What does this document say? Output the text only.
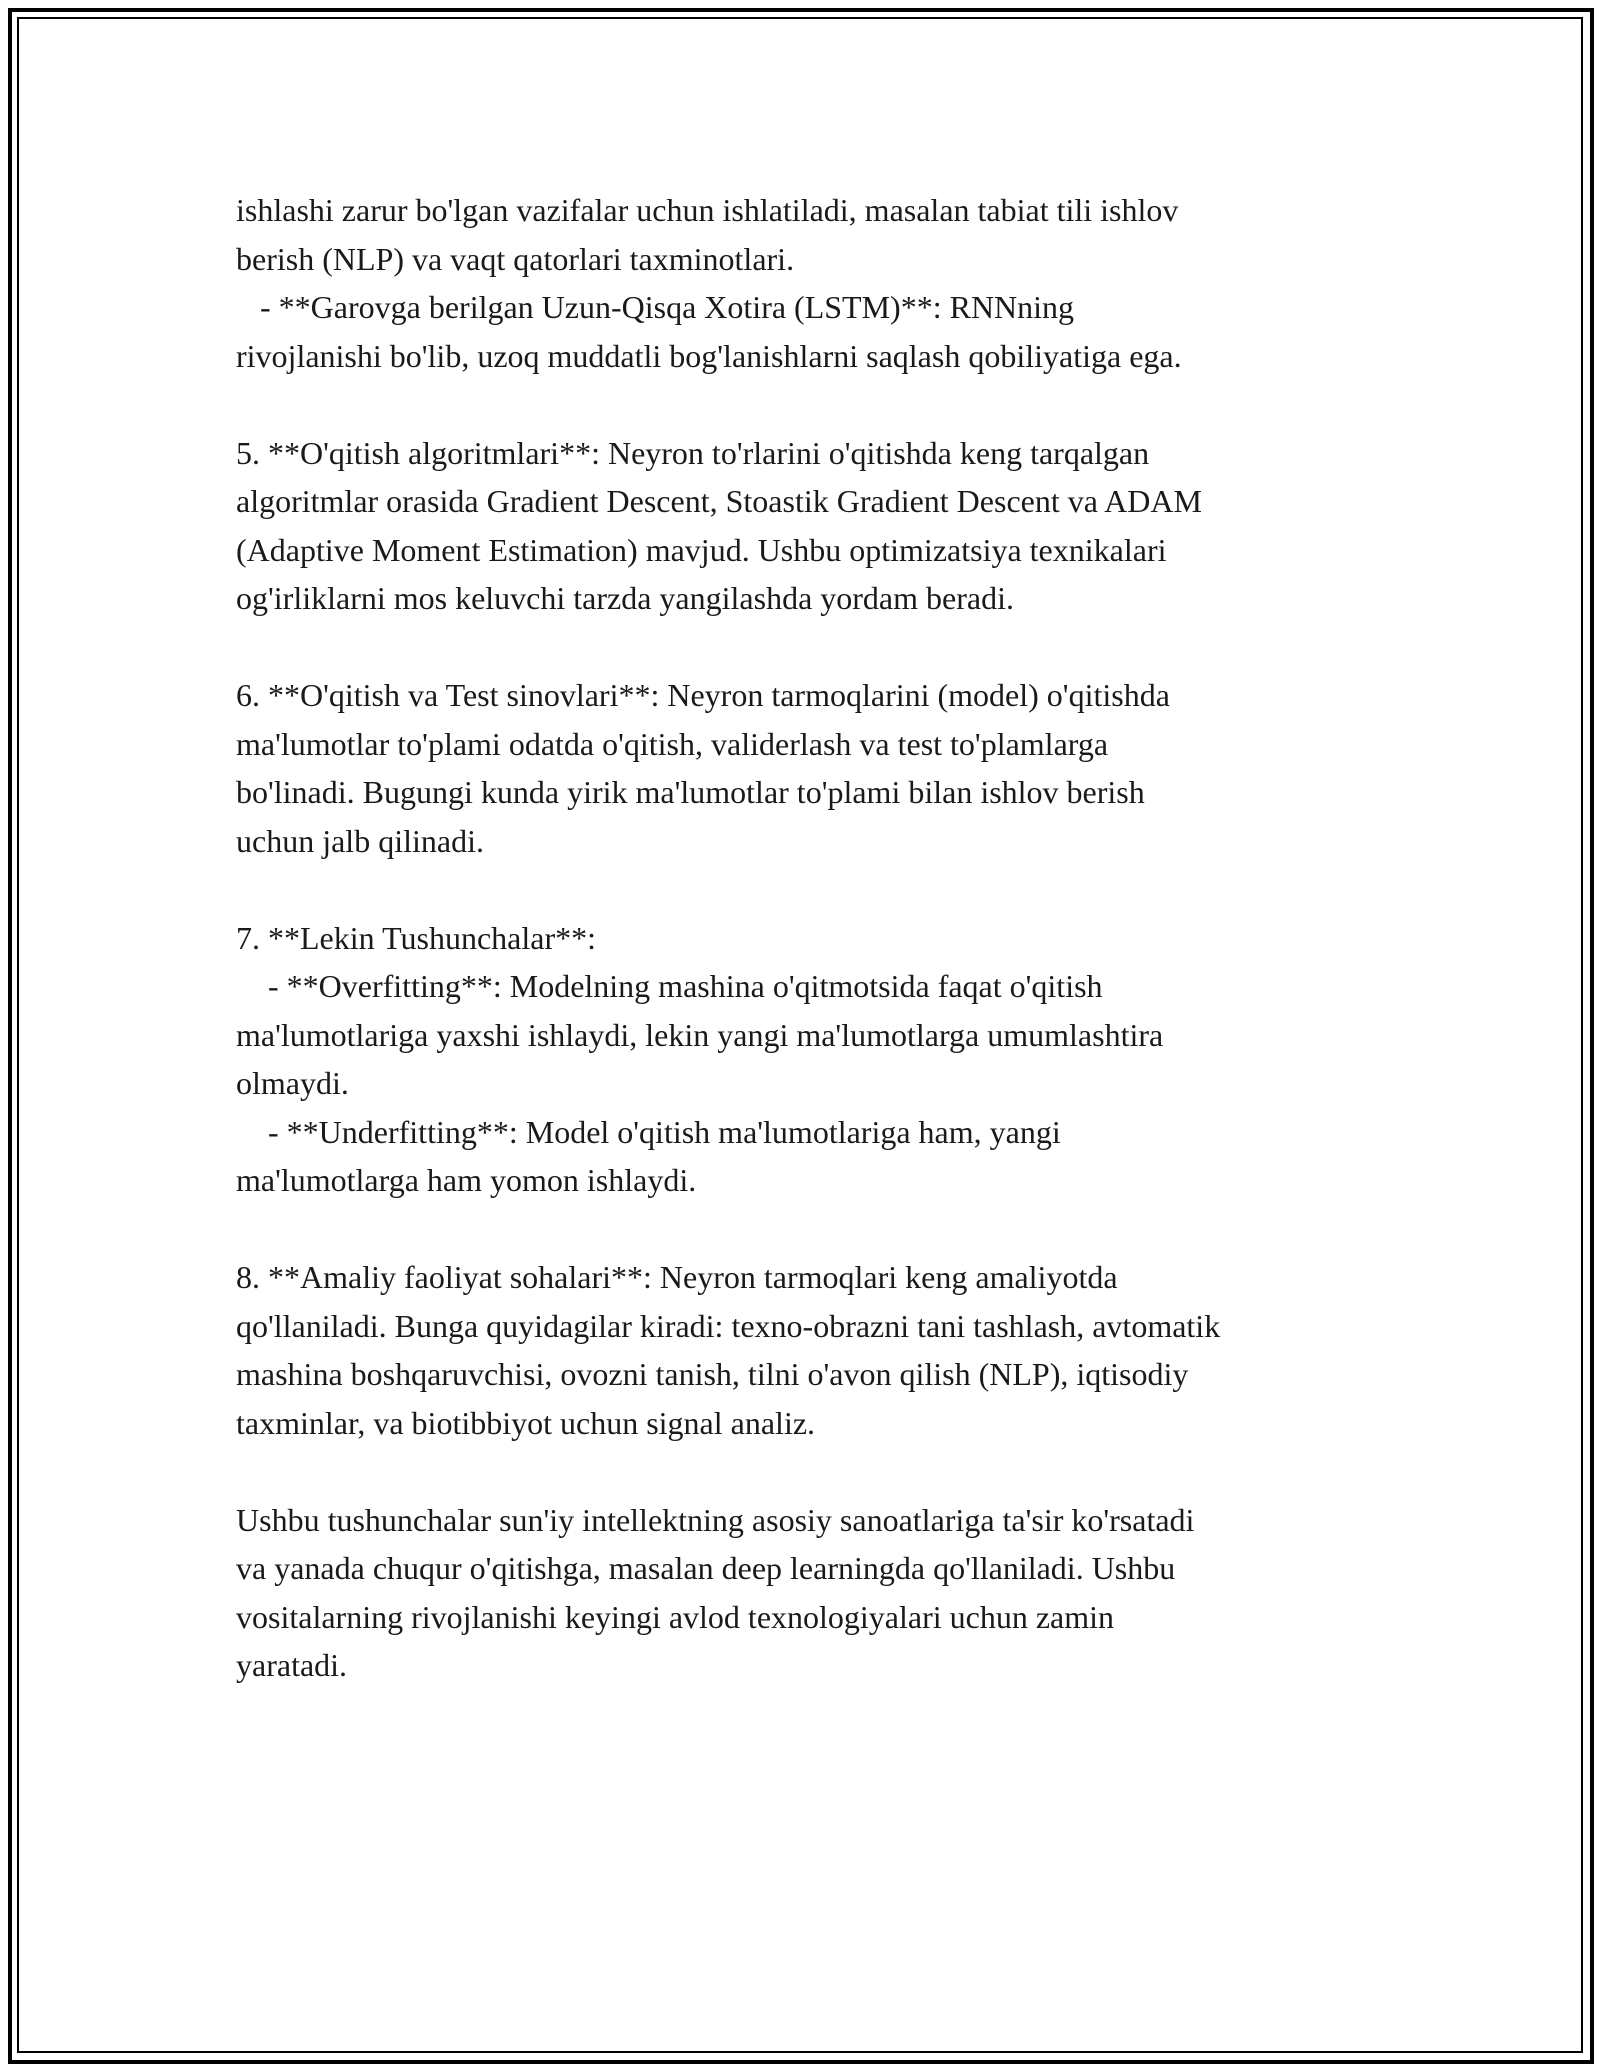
ishlashi zarur bo'lgan vazifalar uchun ishlatiladi, masalan tabiat tili ishlov
berish (NLP) va vaqt qatorlari taxminotlari.
- **Garovga berilgan Uzun-Qisqa Xotira (LSTM)**: RNNning
rivojlanishi bo'lib, uzoq muddatli bog'lanishlarni saqlash qobiliyatiga ega.
5. **O'qitish algoritmlari**: Neyron to'rlarini o'qitishda keng tarqalgan
algoritmlar orasida Gradient Descent, Stoastik Gradient Descent va ADAM
(Adaptive Moment Estimation) mavjud. Ushbu optimizatsiya texnikalari
og'irliklarni mos keluvchi tarzda yangilashda yordam beradi.
6. **O'qitish va Test sinovlari**: Neyron tarmoqlarini (model) o'qitishda
ma'lumotlar to'plami odatda o'qitish, validerlash va test to'plamlarga
bo'linadi. Bugungi kunda yirik ma'lumotlar to'plami bilan ishlov berish
uchun jalb qilinadi.
7. **Lekin Tushunchalar**:
- **Overfitting**: Modelning mashina o'qitmotsida faqat o'qitish
ma'lumotlariga yaxshi ishlaydi, lekin yangi ma'lumotlarga umumlashtira
olmaydi.
- **Underfitting**: Model o'qitish ma'lumotlariga ham, yangi
ma'lumotlarga ham yomon ishlaydi.
8. **Amaliy faoliyat sohalari**: Neyron tarmoqlari keng amaliyotda
qo'llaniladi. Bunga quyidagilar kiradi: texno-obrazni tani tashlash, avtomatik
mashina boshqaruvchisi, ovozni tanish, tilni o'avon qilish (NLP), iqtisodiy
taxminlar, va biotibbiyot uchun signal analiz.
Ushbu tushunchalar sun'iy intellektning asosiy sanoatlariga ta'sir ko'rsatadi
va yanada chuqur o'qitishga, masalan deep learningda qo'llaniladi. Ushbu
vositalarning rivojlanishi keyingi avlod texnologiyalari uchun zamin
yaratadi.
